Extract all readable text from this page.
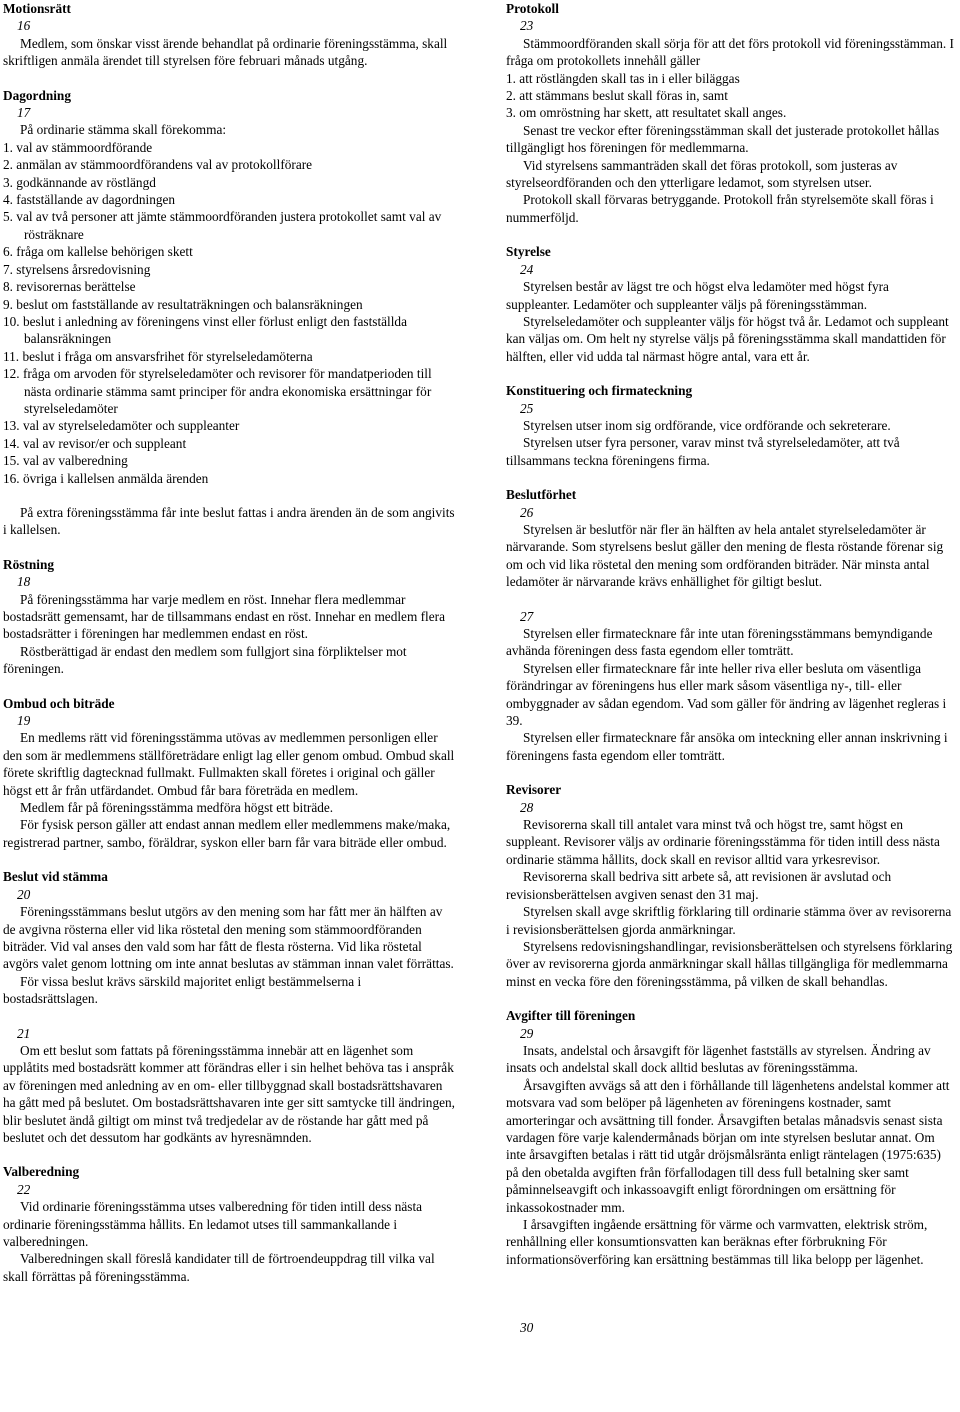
Motionsrätt

16

Medlem, som önskar visst ärende behandlat på ordinarie föreningsstämma, skall skriftligen anmäla ärendet till styrelsen före februari månads utgång.

Dagordning

17

På ordinarie stämma skall förekomma:

1. val av stämmoordförande
2. anmälan av stämmoordförandens val av protokollförare
3. godkännande av röstlängd
4. fastställande av dagordningen
5. val av två personer att jämte stämmoordföranden justera protokollet samt val av rösträknare
6. fråga om kallelse behörigen skett
7. styrelsens årsredovisning
8. revisorernas berättelse
9. beslut om fastställande av resultaträkningen och balansräkningen
10. beslut i anledning av föreningens vinst eller förlust enligt den fastställda balansräkningen
11. beslut i fråga om ansvarsfrihet för styrelseledamöterna
12. fråga om arvoden för styrelseledamöter och revisorer för mandatperioden till nästa ordinarie stämma samt principer för andra ekonomiska ersättningar för styrelseledamöter
13. val av styrelseledamöter och suppleanter
14. val av revisor/er och suppleant
15. val av valberedning
16. övriga i kallelsen anmälda ärenden

På extra föreningsstämma får inte beslut fattas i andra ärenden än de som angivits i kallelsen.

Röstning

18

På föreningsstämma har varje medlem en röst. Innehar flera medlemmar bostadsrätt gemensamt, har de tillsammans endast en röst. Innehar en medlem flera bostadsrätter i föreningen har medlemmen endast en röst.

Röstberättigad är endast den medlem som fullgjort sina förpliktelser mot föreningen.

Ombud och biträde

19

En medlems rätt vid föreningsstämma utövas av medlemmen personligen eller den som är medlemmens ställföreträdare enligt lag eller genom ombud. Ombud skall förete skriftlig dagtecknad fullmakt. Fullmakten skall företes i original och gäller högst ett år från utfärdandet. Ombud får bara företräda en medlem.

Medlem får på föreningsstämma medföra högst ett biträde.

För fysisk person gäller att endast annan medlem eller medlemmens make/maka, registrerad partner, sambo, föräldrar, syskon eller barn får vara biträde eller ombud.

Beslut vid stämma

20

Föreningsstämmans beslut utgörs av den mening som har fått mer än hälften av de avgivna rösterna eller vid lika röstetal den mening som stämmoordföranden biträder. Vid val anses den vald som har fått de flesta rösterna. Vid lika röstetal avgörs valet genom lottning om inte annat beslutas av stämman innan valet förrättas.

För vissa beslut krävs särskild majoritet enligt bestämmelserna i bostadsrättslagen.

21

Om ett beslut som fattats på föreningsstämma innebär att en lägenhet som upplåtits med bostadsrätt kommer att förändras eller i sin helhet behöva tas i anspråk av föreningen med anledning av en om- eller tillbyggnad skall bostadsrättshavaren ha gått med på beslutet. Om bostadsrättshavaren inte ger sitt samtycke till ändringen, blir beslutet ändå giltigt om minst två tredjedelar av de röstande har gått med på beslutet och det dessutom har godkänts av hyresnämnden.

Valberedning

22

Vid ordinarie föreningsstämma utses valberedning för tiden intill dess nästa ordinarie föreningsstämma hållits. En ledamot utses till sammankallande i valberedningen.

Valberedningen skall föreslå kandidater till de förtroendeuppdrag till vilka val skall förrättas på föreningsstämma.

Protokoll

23

Stämmoordföranden skall sörja för att det förs protokoll vid föreningsstämman. I fråga om protokollets innehåll gäller

1. att röstlängden skall tas in i eller biläggas
2. att stämmans beslut skall föras in, samt
3. om omröstning har skett, att resultatet skall anges.

Senast tre veckor efter föreningsstämman skall det justerade protokollet hållas tillgängligt hos föreningen för medlemmarna.

Vid styrelsens sammanträden skall det föras protokoll, som justeras av styrelseordföranden och den ytterligare ledamot, som styrelsen utser.

Protokoll skall förvaras betryggande. Protokoll från styrelsemöte skall föras i nummerföljd.

Styrelse

24

Styrelsen består av lägst tre och högst elva ledamöter med högst fyra suppleanter. Ledamöter och suppleanter väljs på föreningsstämman.

Styrelseledamöter och suppleanter väljs för högst två år. Ledamot och suppleant kan väljas om. Om helt ny styrelse väljs på föreningsstämma skall mandattiden för hälften, eller vid udda tal närmast högre antal, vara ett år.

Konstituering och firmateckning

25

Styrelsen utser inom sig ordförande, vice ordförande och sekreterare.

Styrelsen utser fyra personer, varav minst två styrelseledamöter, att två tillsammans teckna föreningens firma.

Beslutförhet

26

Styrelsen är beslutför när fler än hälften av hela antalet styrelseledamöter är närvarande. Som styrelsens beslut gäller den mening de flesta röstande förenar sig om och vid lika röstetal den mening som ordföranden biträder. När minsta antal ledamöter är närvarande krävs enhällighet för giltigt beslut.

27

Styrelsen eller firmatecknare får inte utan föreningsstämmans bemyndigande avhända föreningen dess fasta egendom eller tomträtt.

Styrelsen eller firmatecknare får inte heller riva eller besluta om väsentliga förändringar av föreningens hus eller mark såsom väsentliga ny-, till- eller ombyggnader av sådan egendom. Vad som gäller för ändring av lägenhet regleras i 39.

Styrelsen eller firmatecknare får ansöka om inteckning eller annan inskrivning i föreningens fasta egendom eller tomträtt.

Revisorer

28

Revisorerna skall till antalet vara minst två och högst tre, samt högst en suppleant. Revisorer väljs av ordinarie föreningsstämma för tiden intill dess nästa ordinarie stämma hållits, dock skall en revisor alltid vara yrkesrevisor.

Revisorerna skall bedriva sitt arbete så, att revisionen är avslutad och revisionsberättelsen avgiven senast den 31 maj.

Styrelsen skall avge skriftlig förklaring till ordinarie stämma över av revisorerna i revisionsberättelsen gjorda anmärkningar.

Styrelsens redovisningshandlingar, revisionsberättelsen och styrelsens förklaring över av revisorerna gjorda anmärkningar skall hållas tillgängliga för medlemmarna minst en vecka före den föreningsstämma, på vilken de skall behandlas.

Avgifter till föreningen

29

Insats, andelstal och årsavgift för lägenhet fastställs av styrelsen. Ändring av insats och andelstal skall dock alltid beslutas av föreningsstämma.

Årsavgiften avvägs så att den i förhållande till lägenhetens andelstal kommer att motsvara vad som belöper på lägenheten av föreningens kostnader, samt amorteringar och avsättning till fonder. Årsavgiften betalas månadsvis senast sista vardagen före varje kalendermånads början om inte styrelsen beslutar annat. Om inte årsavgiften betalas i rätt tid utgår dröjsmålsränta enligt räntelagen (1975:635) på den obetalda avgiften från förfallodagen till dess full betalning sker samt påminnelseavgift och inkassoavgift enligt förordningen om ersättning för inkassokostnader mm.

I årsavgiften ingående ersättning för värme och varmvatten, elektrisk ström, renhållning eller konsumtionsvatten kan beräknas efter förbrukning För informationsöverföring kan ersättning bestämmas till lika belopp per lägenhet.

30
